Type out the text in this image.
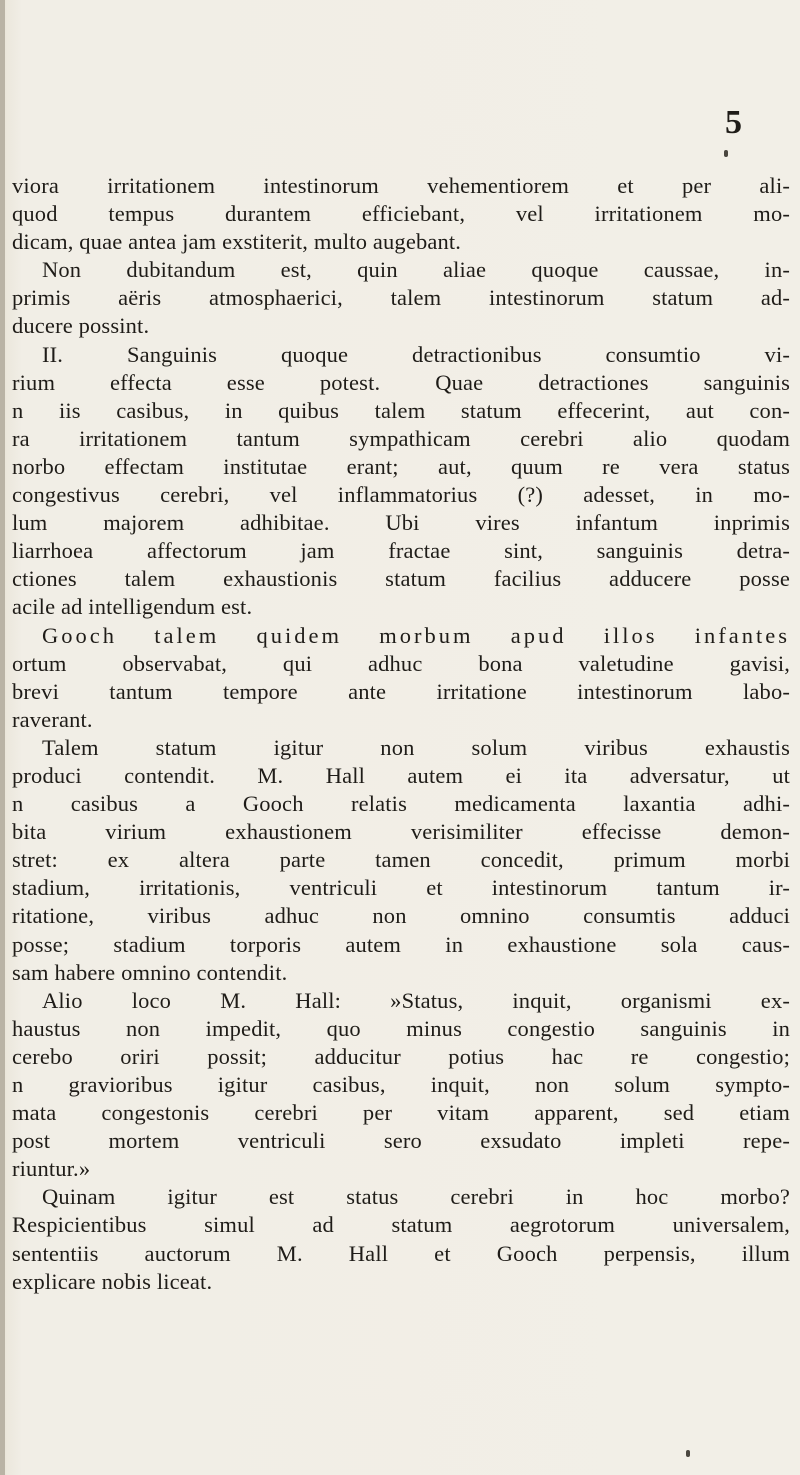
5
viora irritationem intestinorum vehementiorem et per ali-
quod tempus durantem efficiebant, vel irritationem mo-
dicam, quae antea jam exstiterit, multo augebant.
Non dubitandum est, quin aliae quoque caussae, in-
primis aëris atmosphaerici, talem intestinorum statum ad-
ducere possint.
II. Sanguinis quoque detractionibus consumtio vi-
rium effecta esse potest. Quae detractiones sanguinis
n iis casibus, in quibus talem statum effecerint, aut con-
ra irritationem tantum sympathicam cerebri alio quodam
norbo effectam institutae erant; aut, quum re vera status
congestivus cerebri, vel inflammatorius (?) adesset, in mo-
lum majorem adhibitae. Ubi vires infantum inprimis
liarrhoea affectorum jam fractae sint, sanguinis detra-
ctiones talem exhaustionis statum facilius adducere posse
acile ad intelligendum est.
Gooch talem quidem morbum apud illos infantes
ortum observabat, qui adhuc bona valetudine gavisi,
brevi tantum tempore ante irritatione intestinorum labo-
raverant.
Talem statum igitur non solum viribus exhaustis
produci contendit. M. Hall autem ei ita adversatur, ut
n casibus a Gooch relatis medicamenta laxantia adhi-
bita virium exhaustionem verisimiliter effecisse demon-
stret: ex altera parte tamen concedit, primum morbi
stadium, irritationis, ventriculi et intestinorum tantum ir-
ritatione, viribus adhuc non omnino consumtis adduci
posse; stadium torporis autem in exhaustione sola caus-
sam habere omnino contendit.
Alio loco M. Hall: »Status, inquit, organismi ex-
haustus non impedit, quo minus congestio sanguinis in
cerebo oriri possit; adducitur potius hac re congestio;
n gravioribus igitur casibus, inquit, non solum sympto-
mata congestonis cerebri per vitam apparent, sed etiam
post mortem ventriculi sero exsudato impleti repe-
riuntur.»
Quinam igitur est status cerebri in hoc morbo?
Respicientibus simul ad statum aegrotorum universalem,
sententiis auctorum M. Hall et Gooch perpensis, illum
explicare nobis liceat.
